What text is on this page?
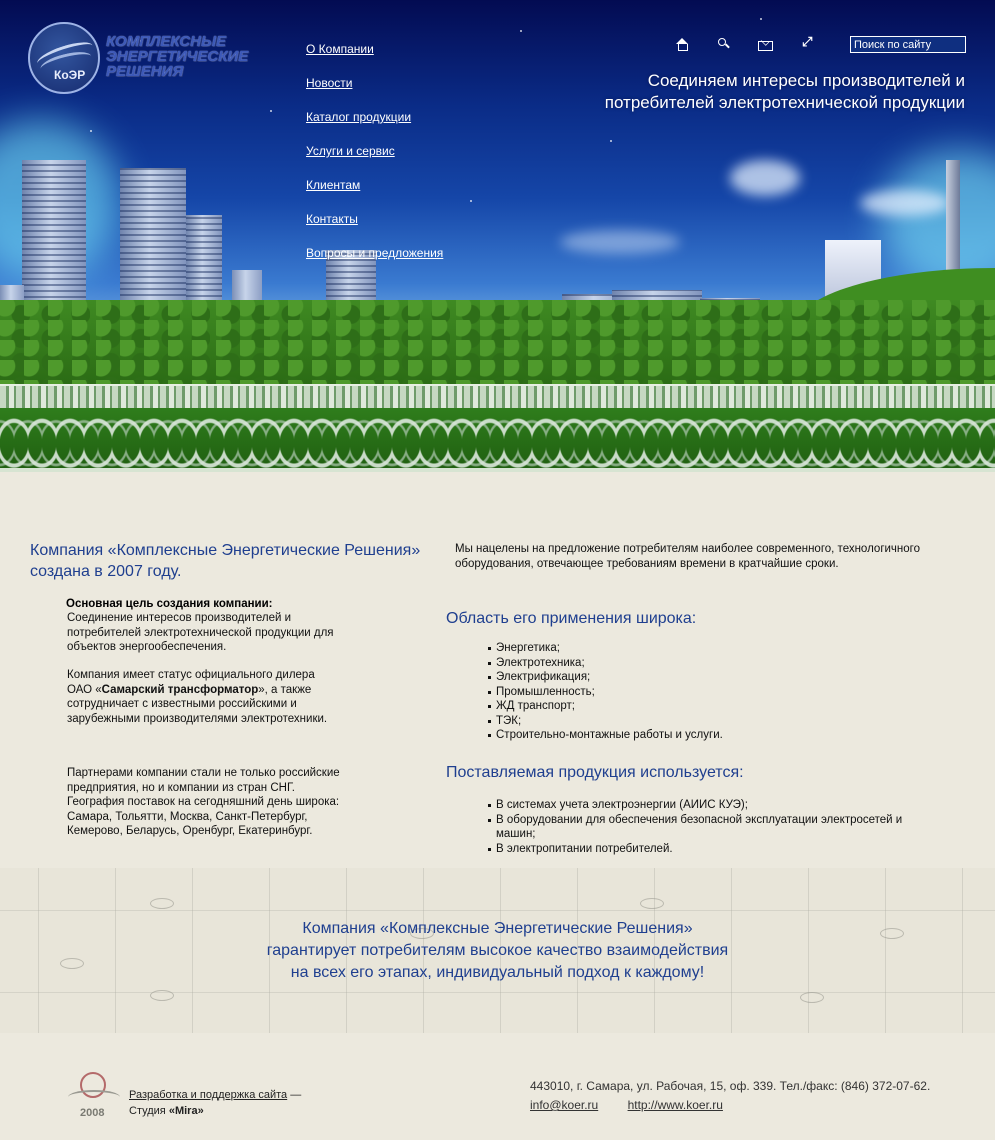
КоЭР
КОМПЛЕКСНЫЕ
ЭНЕРГЕТИЧЕСКИЕ
РЕШЕНИЯ
О Компании
Новости
Каталог продукции
Услуги и сервис
Клиентам
Контакты
Вопросы и предложения
⤢
Поиск по сайту
Соединяем интересы производителей и
потребителей электротехнической продукции
Компания «Комплексные Энергетические Решения»
создана в 2007 году.

Основная цель создания компании:

Соединение интересов производителей и потребителей электротехнической продукции для объектов энергообеспечения.

Компания имеет статус официального дилера ОАО «Самарский трансформатор», а также сотрудничает с известными российскими и зарубежными производителями электротехники.

Партнерами компании стали не только российские предприятия, но и компании из стран СНГ. География поставок на сегодняшний день широка: Самара, Тольятти, Москва, Санкт-Петербург, Кемерово, Беларусь, Оренбург, Екатеринбург.

Мы нацелены на предложение потребителям наиболее современного, технологичного оборудования, отвечающее требованиям времени в кратчайшие сроки.

Область его применения широка:
Энергетика;
Электротехника;
Электрификация;
Промышленность;
ЖД транспорт;
ТЭК;
Строительно-монтажные работы и услуги.
Поставляемая продукция используется:
В системах учета электроэнергии (АИИС КУЭ);
В оборудовании для обеспечения безопасной эксплуатации электросетей и машин;
В электропитании потребителей.

Компания «Комплексные Энергетические Решения»
гарантирует потребителям высокое качество взаимодействия
на всех его этапах, индивидуальный подход к каждому!

2008
Разработка и поддержка сайта —
Студия «Mira»
443010, г. Самара, ул. Рабочая, 15, оф. 339. Тел./факс: (846) 372-07-62.
info@koer.ru http://www.koer.ru
